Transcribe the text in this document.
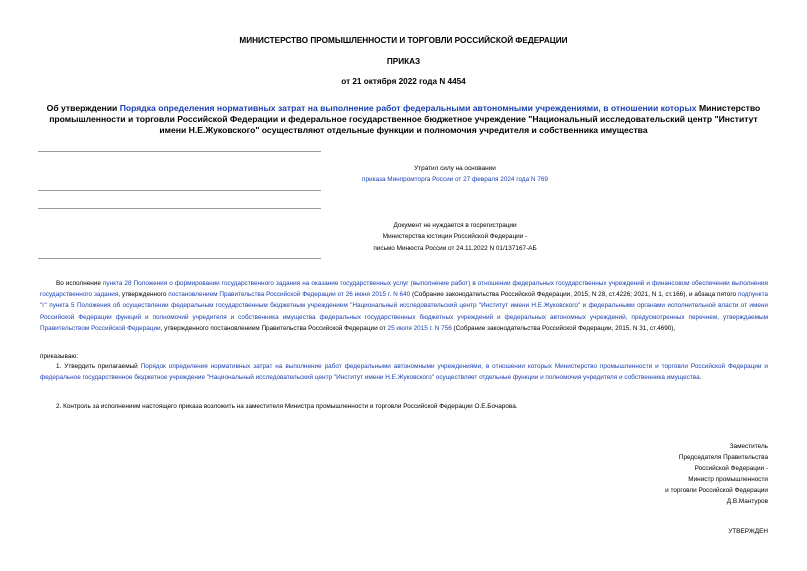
МИНИСТЕРСТВО ПРОМЫШЛЕННОСТИ И ТОРГОВЛИ РОССИЙСКОЙ ФЕДЕРАЦИИ
ПРИКАЗ
от 21 октября 2022 года N 4454
Об утверждении Порядка определения нормативных затрат на выполнение работ федеральными автономными учреждениями, в отношении которых Министерство промышленности и торговли Российской Федерации и федеральное государственное бюджетное учреждение "Национальный исследовательский центр "Институт имени Н.Е.Жуковского" осуществляют отдельные функции и полномочия учредителя и собственника имущества
Утратил силу на основании
приказа Минпромторга России от 27 февраля 2024 года N 769
Документ не нуждается в госрегистрации
Министерства юстиции Российской Федерации -
письмо Минюста России от 24.11.2022 N 01/137167-АБ
Во исполнение пункта 28 Положения о формировании государственного задания на оказание государственных услуг (выполнение работ) в отношении федеральных государственных учреждений и финансовом обеспечении выполнения государственного задания, утвержденного постановлением Правительства Российской Федерации от 26 июня 2015 г. N 640 (Собрание законодательства Российской Федерации, 2015, N 28, ст.4226; 2021, N 1, ст.166), и абзаца пятого подпункта "г" пункта 5 Положения об осуществлении федеральным государственным бюджетным учреждением "Национальный исследовательский центр "Институт имени Н.Е.Жуковского" и федеральными органами исполнительной власти от имени Российской Федерации функций и полномочий учредителя и собственника имущества федеральных государственных бюджетных учреждений и федеральных автономных учреждений, предусмотренных перечнем, утверждаемым Правительством Российской Федерации, утвержденного постановлением Правительства Российской Федерации от 25 июля 2015 г. N 756 (Собрание законодательства Российской Федерации, 2015, N 31, ст.4690),
приказываю:
1. Утвердить прилагаемый Порядок определения нормативных затрат на выполнение работ федеральными автономными учреждениями, в отношении которых Министерство промышленности и торговли Российской Федерации и федеральное государственное бюджетное учреждение "Национальный исследовательский центр "Институт имени Н.Е.Жуковского" осуществляет отдельные функции и полномочия учредителя и собственника имущества.
2. Контроль за исполнением настоящего приказа возложить на заместителя Министра промышленности и торговли Российской Федерации О.Е.Бочарова.
Заместитель
Председателя Правительства
Российской Федерации -
Министр промышленности
и торговли Российской Федерации
Д.В.Мантуров
УТВЕРЖДЕН
